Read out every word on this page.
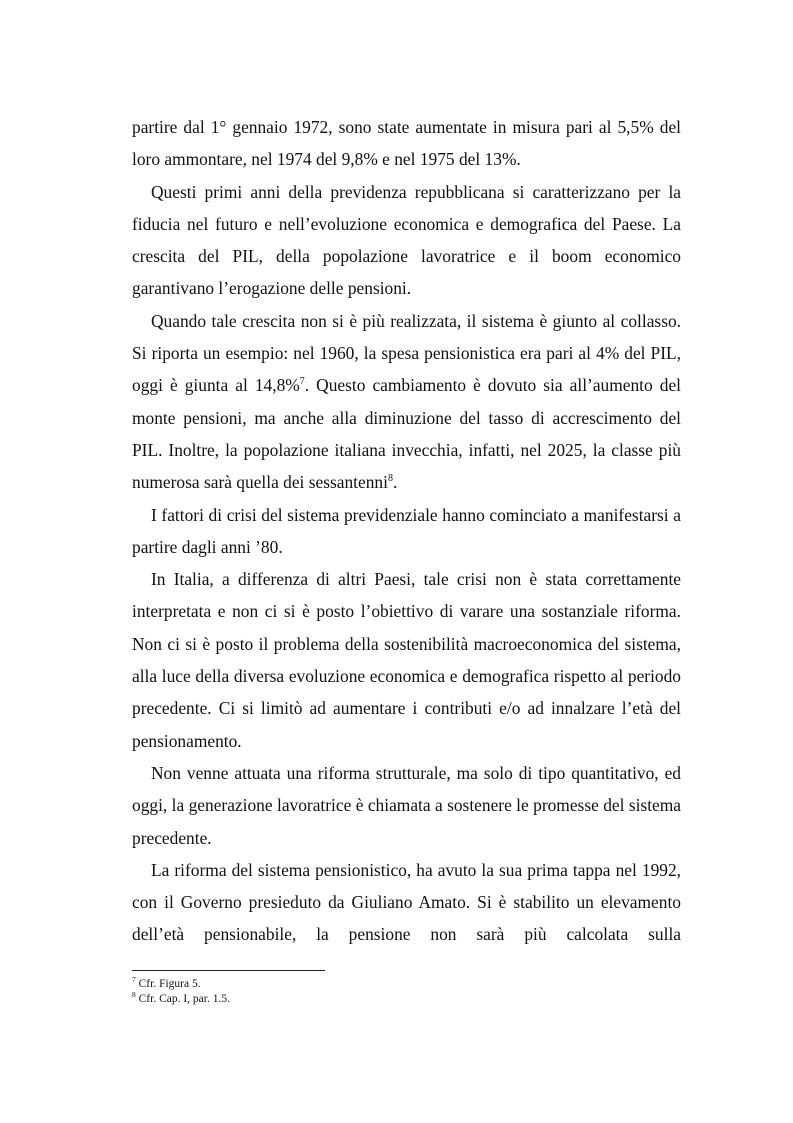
partire dal 1° gennaio 1972, sono state aumentate in misura pari al 5,5% del loro ammontare, nel 1974 del 9,8% e nel 1975 del 13%.

Questi primi anni della previdenza repubblicana si caratterizzano per la fiducia nel futuro e nell’evoluzione economica e demografica del Paese. La crescita del PIL, della popolazione lavoratrice e il boom economico garantivano l’erogazione delle pensioni.

Quando tale crescita non si è più realizzata, il sistema è giunto al collasso. Si riporta un esempio: nel 1960, la spesa pensionistica era pari al 4% del PIL, oggi è giunta al 14,8%$^7$. Questo cambiamento è dovuto sia all’aumento del monte pensioni, ma anche alla diminuzione del tasso di accrescimento del PIL. Inoltre, la popolazione italiana invecchia, infatti, nel 2025, la classe più numerosa sarà quella dei sessantenni$^8$.

I fattori di crisi del sistema previdenziale hanno cominciato a manifestarsi a partire dagli anni ’80.

In Italia, a differenza di altri Paesi, tale crisi non è stata correttamente interpretata e non ci si è posto l’obiettivo di varare una sostanziale riforma. Non ci si è posto il problema della sostenibilità macroeconomica del sistema, alla luce della diversa evoluzione economica e demografica rispetto al periodo precedente. Ci si limitò ad aumentare i contributi e/o ad innalzare l’età del pensionamento.

Non venne attuata una riforma strutturale, ma solo di tipo quantitativo, ed oggi, la generazione lavoratrice è chiamata a sostenere le promesse del sistema precedente.

La riforma del sistema pensionistico, ha avuto la sua prima tappa nel 1992, con il Governo presieduto da Giuliano Amato. Si è stabilito un elevamento dell’età pensionabile, la pensione non sarà più calcolata sulla

$^7$ Cfr. Figura 5.

$^8$ Cfr. Cap. I, par. 1.5.
